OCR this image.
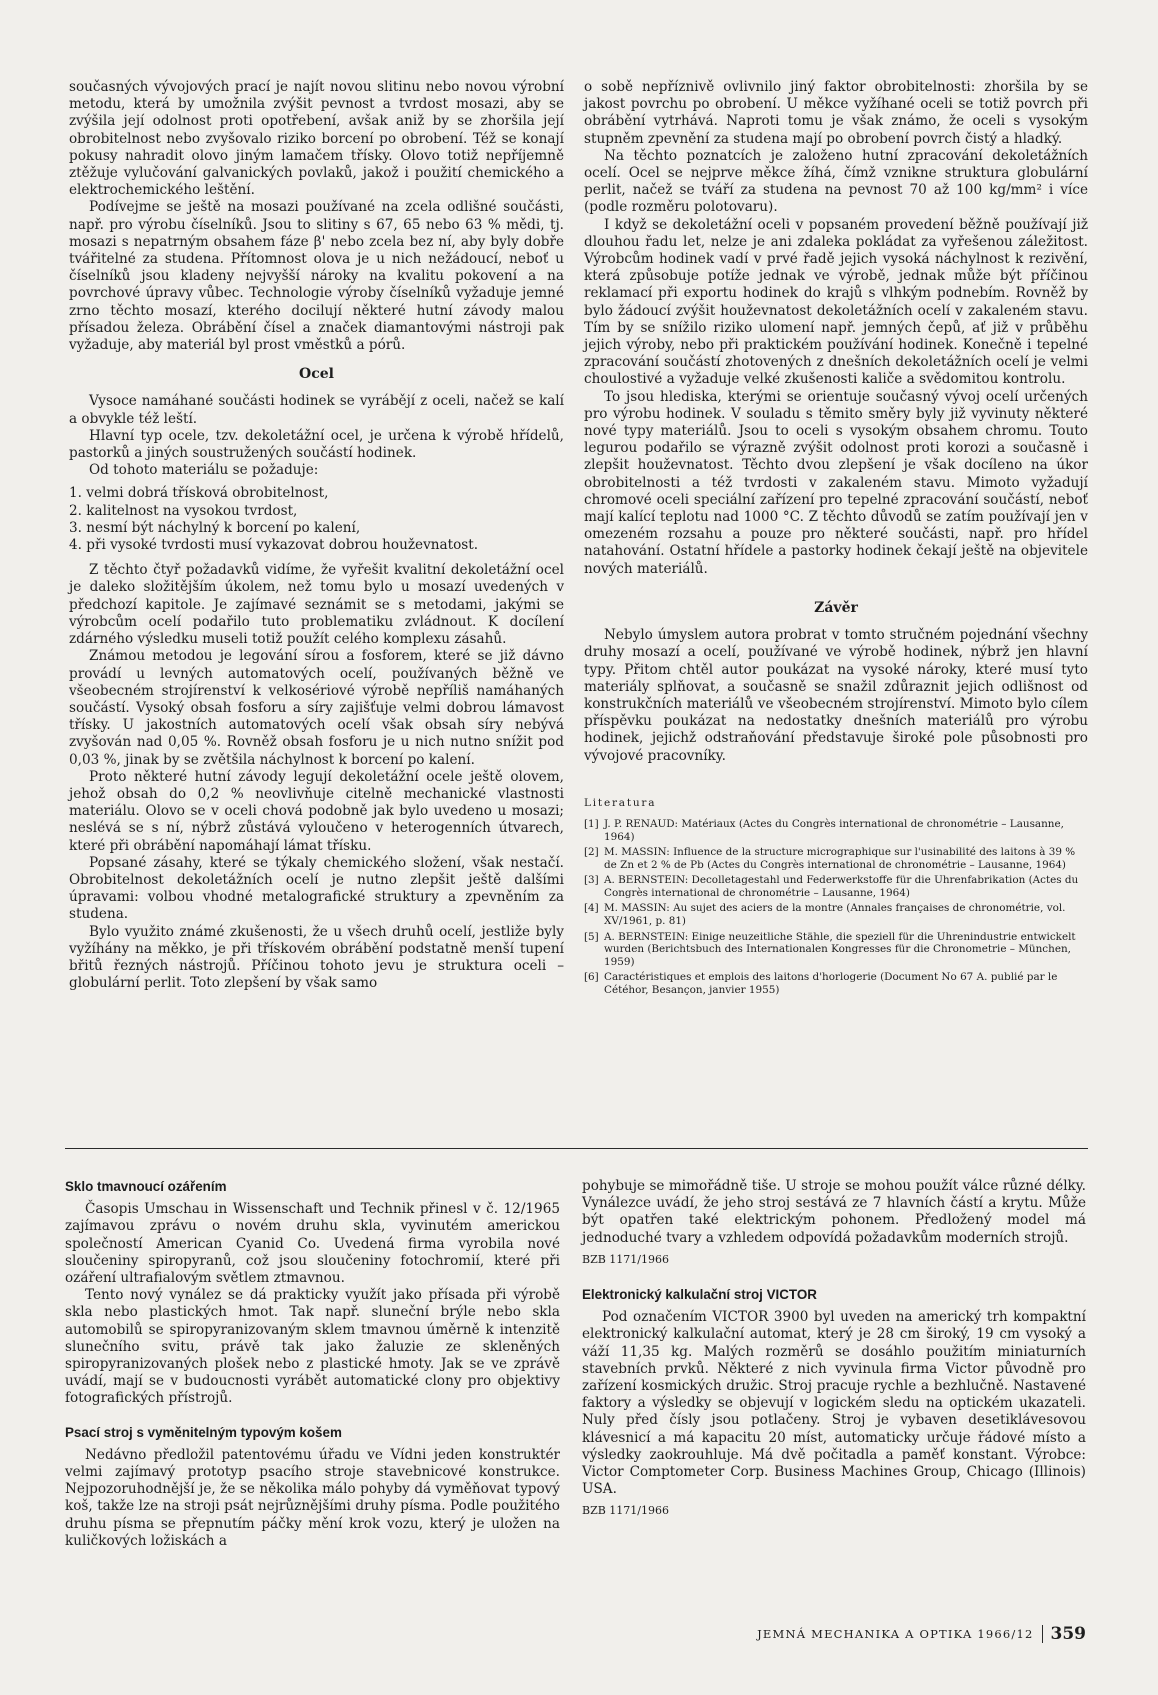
současných vývojových prací je najít novou slitinu nebo novou výrobní metodu, která by umožnila zvýšit pevnost a tvrdost mosazi, aby se zvýšila její odolnost proti opotřebení, avšak aniž by se zhoršila její obrobitelnost nebo zvyšovalo riziko borcení po obrobení. Též se konají pokusy nahradit olovo jiným lamačem třísky. Olovo totiž nepříjemně ztěžuje vylučování galvanických povlaků, jakož i použití chemického a elektrochemického leštění.

Podívejme se ještě na mosazi používané na zcela odlišné součásti, např. pro výrobu číselníků. Jsou to slitiny s 67, 65 nebo 63 % mědi, tj. mosazi s nepatrným obsahem fáze β' nebo zcela bez ní, aby byly dobře tvářitelné za studena. Přítomnost olova je u nich nežádoucí, neboť u číselníků jsou kladeny nejvyšší nároky na kvalitu pokovení a na povrchové úpravy vůbec. Technologie výroby číselníků vyžaduje jemné zrno těchto mosazí, kterého docilují některé hutní závody malou přísadou železa. Obrábění čísel a značek diamantovými nástroji pak vyžaduje, aby materiál byl prost vměstků a pórů.

Ocel

Vysoce namáhané součásti hodinek se vyrábějí z oceli, načež se kalí a obvykle též leští.

Hlavní typ ocele, tzv. dekoletážní ocel, je určena k výrobě hřídelů, pastorků a jiných soustružených součástí hodinek.

Od tohoto materiálu se požaduje:

1. velmi dobrá třísková obrobitelnost,
2. kalitelnost na vysokou tvrdost,
3. nesmí být náchylný k borcení po kalení,
4. při vysoké tvrdosti musí vykazovat dobrou houževnatost.

Z těchto čtyř požadavků vidíme, že vyřešit kvalitní dekoletážní ocel je daleko složitějším úkolem, než tomu bylo u mosazí uvedených v předchozí kapitole. Je zajímavé seznámit se s metodami, jakými se výrobcům ocelí podařilo tuto problematiku zvládnout. K docílení zdárného výsledku museli totiž použít celého komplexu zásahů.

Známou metodou je legování sírou a fosforem, které se již dávno provádí u levných automatových ocelí, používaných běžně ve všeobecném strojírenství k velkosériové výrobě nepříliš namáhaných součástí. Vysoký obsah fosforu a síry zajišťuje velmi dobrou lámavost třísky. U jakostních automatových ocelí však obsah síry nebývá zvyšován nad 0,05 %. Rovněž obsah fosforu je u nich nutno snížit pod 0,03 %, jinak by se zvětšila náchylnost k borcení po kalení.

Proto některé hutní závody legují dekoletážní ocele ještě olovem, jehož obsah do 0,2 % neovlivňuje citelně mechanické vlastnosti materiálu. Olovo se v oceli chová podobně jak bylo uvedeno u mosazi; neslévá se s ní, nýbrž zůstává vyloučeno v heterogenních útvarech, které při obrábění napomáhají lámat třísku.

Popsané zásahy, které se týkaly chemického složení, však nestačí. Obrobitelnost dekoletážních ocelí je nutno zlepšit ještě dalšími úpravami: volbou vhodné metalografické struktury a zpevněním za studena.

Bylo využito známé zkušenosti, že u všech druhů ocelí, jestliže byly vyžíhány na měkko, je při třískovém obrábění podstatně menší tupení břitů řezných nástrojů. Příčinou tohoto jevu je struktura oceli – globulární perlit. Toto zlepšení by však samo

o sobě nepříznivě ovlivnilo jiný faktor obrobitelnosti: zhoršila by se jakost povrchu po obrobení. U měkce vyžíhané oceli se totiž povrch při obrábění vytrhává. Naproti tomu je však známo, že oceli s vysokým stupněm zpevnění za studena mají po obrobení povrch čistý a hladký.

Na těchto poznatcích je založeno hutní zpracování dekoletážních ocelí. Ocel se nejprve měkce žíhá, čímž vznikne struktura globulární perlit, načež se tváří za studena na pevnost 70 až 100 kg/mm² i více (podle rozměru polotovaru).

I když se dekoletážní oceli v popsaném provedení běžně používají již dlouhou řadu let, nelze je ani zdaleka pokládat za vyřešenou záležitost. Výrobcům hodinek vadí v prvé řadě jejich vysoká náchylnost k rezivění, která způsobuje potíže jednak ve výrobě, jednak může být příčinou reklamací při exportu hodinek do krajů s vlhkým podnebím. Rovněž by bylo žádoucí zvýšit houževnatost dekoletážních ocelí v zakaleném stavu. Tím by se snížilo riziko ulomení např. jemných čepů, ať již v průběhu jejich výroby, nebo při praktickém používání hodinek. Konečně i tepelné zpracování součástí zhotovených z dnešních dekoletážních ocelí je velmi choulostivé a vyžaduje velké zkušenosti kaliče a svědomitou kontrolu.

To jsou hlediska, kterými se orientuje současný vývoj ocelí určených pro výrobu hodinek. V souladu s těmito směry byly již vyvinuty některé nové typy materiálů. Jsou to oceli s vysokým obsahem chromu. Touto legurou podařilo se výrazně zvýšit odolnost proti korozi a současně i zlepšit houževnatost. Těchto dvou zlepšení je však docíleno na úkor obrobitelnosti a též tvrdosti v zakaleném stavu. Mimoto vyžadují chromové oceli speciální zařízení pro tepelné zpracování součástí, neboť mají kalící teplotu nad 1000 °C. Z těchto důvodů se zatím používají jen v omezeném rozsahu a pouze pro některé součásti, např. pro hřídel natahování. Ostatní hřídele a pastorky hodinek čekají ještě na objevitele nových materiálů.

Závěr

Nebylo úmyslem autora probrat v tomto stručném pojednání všechny druhy mosazí a ocelí, používané ve výrobě hodinek, nýbrž jen hlavní typy. Přitom chtěl autor poukázat na vysoké nároky, které musí tyto materiály splňovat, a současně se snažil zdůraznit jejich odlišnost od konstrukčních materiálů ve všeobecném strojírenství. Mimoto bylo cílem příspěvku poukázat na nedostatky dnešních materiálů pro výrobu hodinek, jejichž odstraňování představuje široké pole působnosti pro vývojové pracovníky.

Literatura
[1] J. P. RENAUD: Matériaux (Actes du Congrès international de chronométrie – Lausanne, 1964)
[2] M. MASSIN: Influence de la structure micrographique sur l'usinabilité des laitons à 39 % de Zn et 2 % de Pb (Actes du Congrès international de chronométrie – Lausanne, 1964)
[3] A. BERNSTEIN: Decolletagestahl und Federwerkstoffe für die Uhrenfabrikation (Actes du Congrès international de chronométrie – Lausanne, 1964)
[4] M. MASSIN: Au sujet des aciers de la montre (Annales françaises de chronométrie, vol. XV/1961, p. 81)
[5] A. BERNSTEIN: Einige neuzeitliche Stähle, die speziell für die Uhrenindustrie entwickelt wurden (Berichtsbuch des Internationalen Kongresses für die Chronometrie – München, 1959)
[6] Caractéristiques et emplois des laitons d'horlogerie (Document No 67 A. publié par le Cétéhor, Besançon, janvier 1955)
Sklo tmavnoucí ozářením

Časopis Umschau in Wissenschaft und Technik přinesl v č. 12/1965 zajímavou zprávu o novém druhu skla, vyvinutém americkou společností American Cyanid Co. Uvedená firma vyrobila nové sloučeniny spiropyranů, což jsou sloučeniny fotochromií, které při ozáření ultrafialovým světlem ztmavnou.

Tento nový vynález se dá prakticky využít jako přísada při výrobě skla nebo plastických hmot. Tak např. sluneční brýle nebo skla automobilů se spiropyranizovaným sklem tmavnou úměrně k intenzitě slunečního svitu, právě tak jako žaluzie ze skleněných spiropyranizovaných plošek nebo z plastické hmoty. Jak se ve zprávě uvádí, mají se v budoucnosti vyrábět automatické clony pro objektivy fotografických přístrojů.

Psací stroj s vyměnitelným typovým košem

Nedávno předložil patentovému úřadu ve Vídni jeden konstruktér velmi zajímavý prototyp psacího stroje stavebnicové konstrukce. Nejpozoruhodnější je, že se několika málo pohyby dá vyměňovat typový koš, takže lze na stroji psát nejrůznějšími druhy písma. Podle použitého druhu písma se přepnutím páčky mění krok vozu, který je uložen na kuličkových ložiskách a

pohybuje se mimořádně tiše. U stroje se mohou použít válce různé délky. Vynálezce uvádí, že jeho stroj sestává ze 7 hlavních částí a krytu. Může být opatřen také elektrickým pohonem. Předložený model má jednoduché tvary a vzhledem odpovídá požadavkům moderních strojů.

BZB 1171/1966
Elektronický kalkulační stroj VICTOR

Pod označením VICTOR 3900 byl uveden na americký trh kompaktní elektronický kalkulační automat, který je 28 cm široký, 19 cm vysoký a váží 11,35 kg. Malých rozměrů se dosáhlo použitím miniaturních stavebních prvků. Některé z nich vyvinula firma Victor původně pro zařízení kosmických družic. Stroj pracuje rychle a bezhlučně. Nastavené faktory a výsledky se objevují v logickém sledu na optickém ukazateli. Nuly před čísly jsou potlačeny. Stroj je vybaven desetiklávesovou klávesnicí a má kapacitu 20 míst, automaticky určuje řádové místo a výsledky zaokrouhluje. Má dvě počitadla a paměť konstant. Výrobce: Victor Comptometer Corp. Business Machines Group, Chicago (Illinois) USA.

BZB 1171/1966
JEMNÁ MECHANIKA A OPTIKA 1966/12 359
